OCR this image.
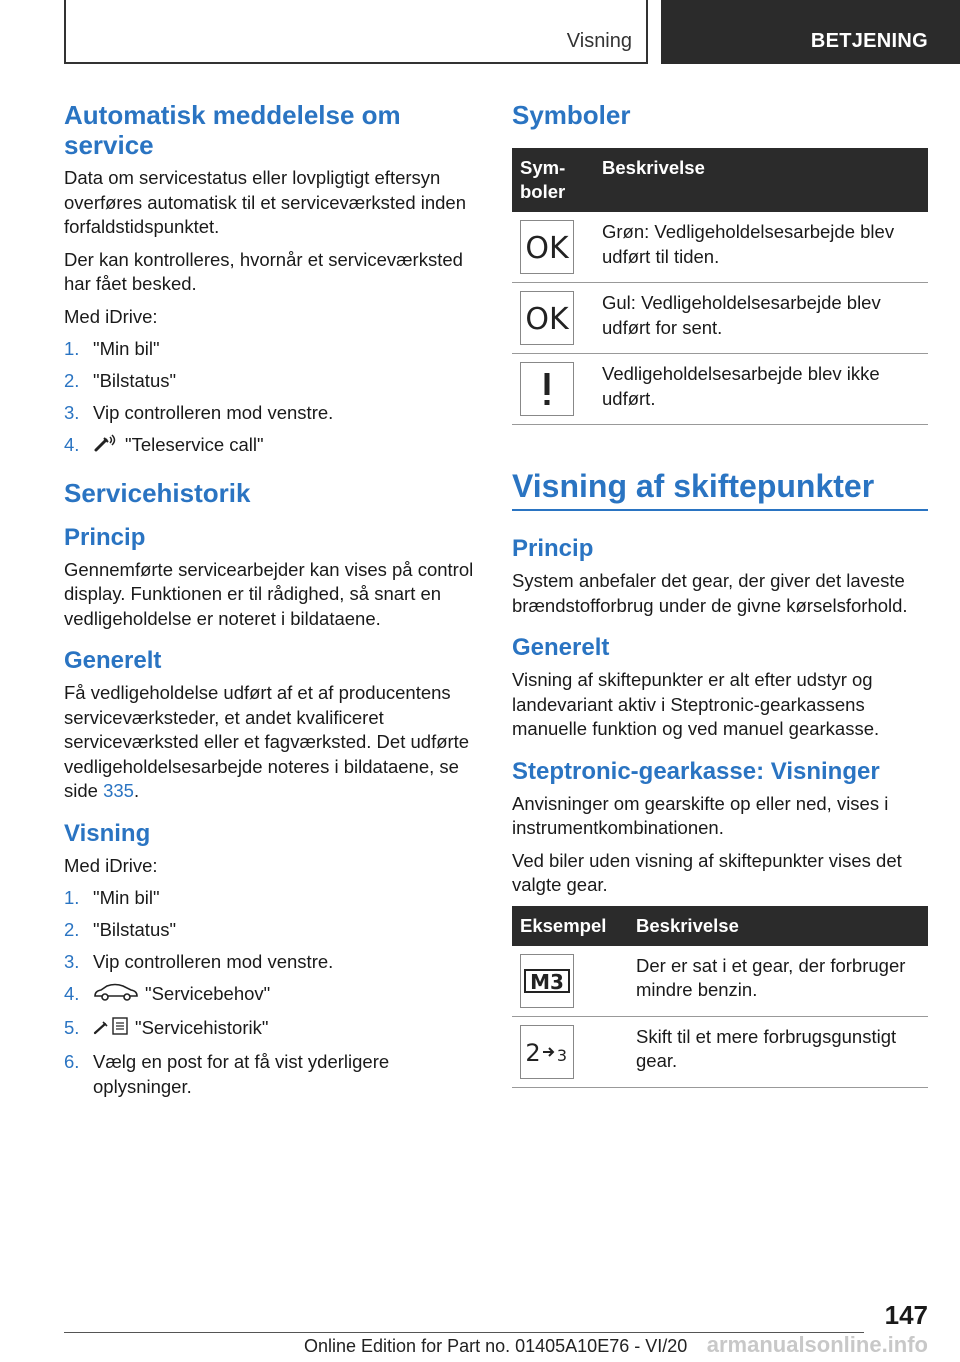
Visning	BETJENING
Automatisk meddelelse om service

Data om servicestatus eller lovpligtigt eftersyn overføres automatisk til et serviceværksted inden forfaldstidspunktet.

Der kan kontrolleres, hvornår et serviceværksted har fået besked.

Med iDrive:

1. "Min bil"
2. "Bilstatus"
3. Vip controlleren mod venstre.
4. "Teleservice call"
Servicehistorik
Princip

Gennemførte servicearbejder kan vises på control display. Funktionen er til rådighed, så snart en vedligeholdelse er noteret i bildataene.

Generelt

Få vedligeholdelse udført af et af producentens serviceværksteder, et andet kvalificeret serviceværksted eller et fagværksted. Det udførte vedligeholdelsesarbejde noteres i bildataene, se side 335.

Visning

Med iDrive:

1. "Min bil"
2. "Bilstatus"
3. Vip controlleren mod venstre.
4.	"Servicebehov"
5.	"Servicehistorik"
6. Vælg en post for at få vist yderligere oplysninger.
Symboler
Sym-boler	Beskrivelse

OK	Grøn: Vedligeholdelsesarbejde blev udført til tiden.

OK	Gul: Vedligeholdelsesarbejde blev udført for sent.

	Vedligeholdelsesarbejde blev ikke udført.
Visning af skiftepunkter
Princip

System anbefaler det gear, der giver det laveste brændstofforbrug under de givne kørselsforhold.

Generelt

Visning af skiftepunkter er alt efter udstyr og landevariant aktiv i Steptronic-gearkassens manuelle funktion og ved manuel gearkasse.

Steptronic-gearkasse: Visninger

Anvisninger om gearskifte op eller ned, vises i instrumentkombinationen.

Ved biler uden visning af skiftepunkter vises det valgte gear.

Eksempel	Beskrivelse

M3	Der er sat i et gear, der forbruger mindre benzin.

2 3	Skift til et mere forbrugsgunstigt gear.
147
Online Edition for Part no. 01405A10E76 - VI/20 armanualsonline.info
